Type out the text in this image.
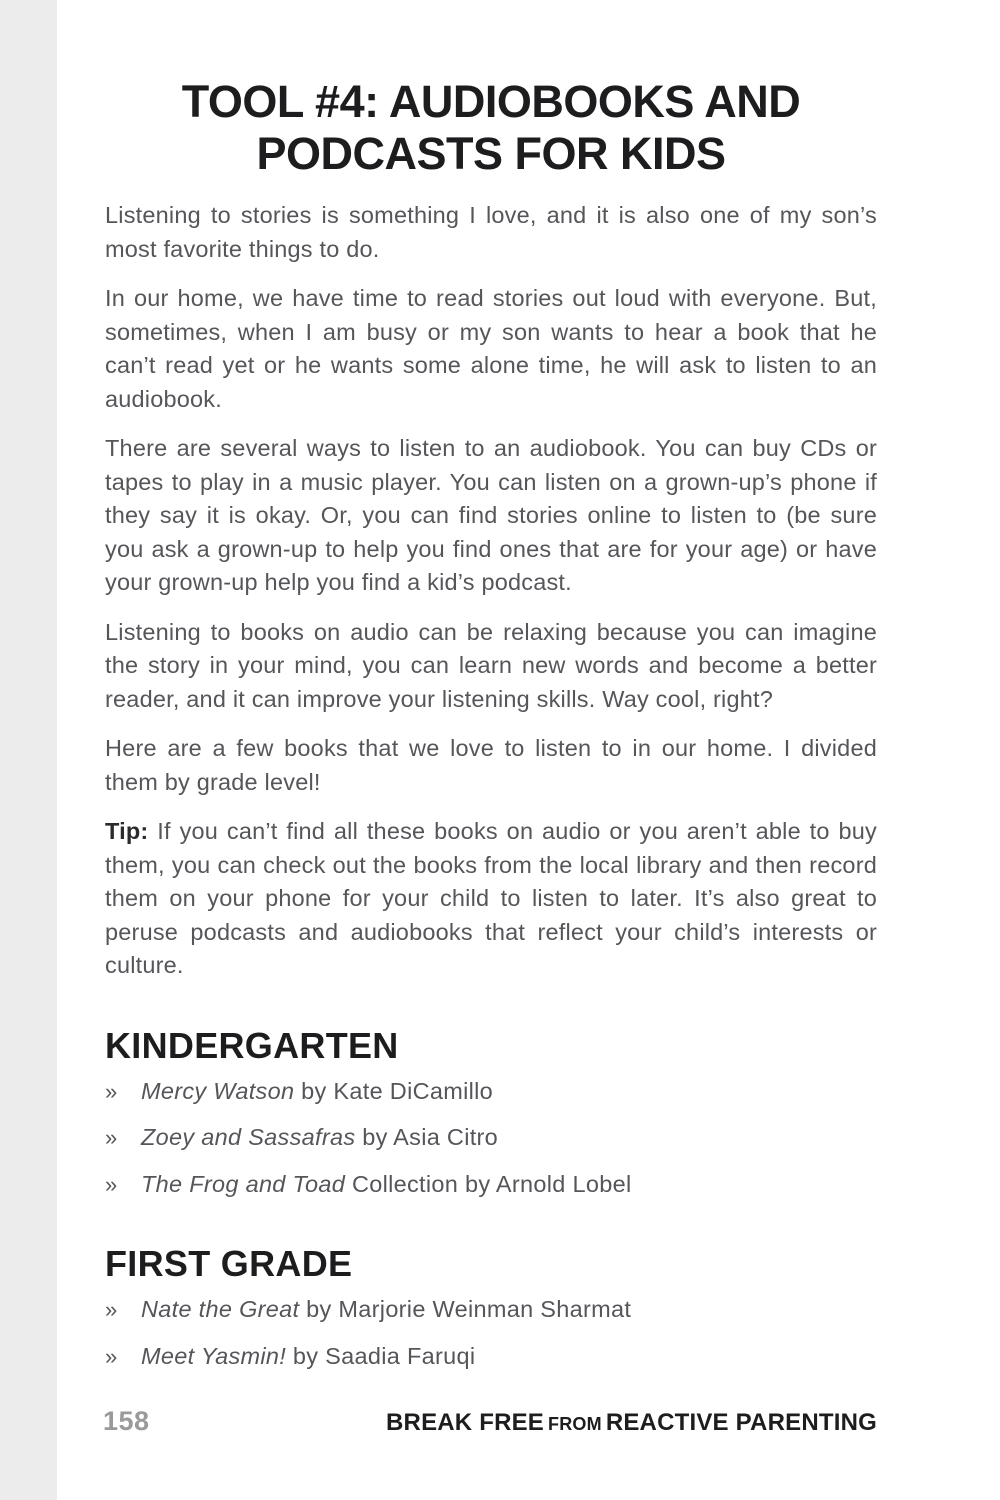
TOOL #4: AUDIOBOOKS AND PODCASTS FOR KIDS

Listening to stories is something I love, and it is also one of my son’s most favorite things to do.

In our home, we have time to read stories out loud with everyone. But, sometimes, when I am busy or my son wants to hear a book that he can’t read yet or he wants some alone time, he will ask to listen to an audiobook.

There are several ways to listen to an audiobook. You can buy CDs or tapes to play in a music player. You can listen on a grown-up’s phone if they say it is okay. Or, you can find stories online to listen to (be sure you ask a grown-up to help you find ones that are for your age) or have your grown-up help you find a kid’s podcast.

Listening to books on audio can be relaxing because you can imagine the story in your mind, you can learn new words and become a better reader, and it can improve your listening skills. Way cool, right?

Here are a few books that we love to listen to in our home. I divided them by grade level!

Tip: If you can’t find all these books on audio or you aren’t able to buy them, you can check out the books from the local library and then record them on your phone for your child to listen to later. It’s also great to peruse podcasts and audiobooks that reflect your child’s interests or culture.

KINDERGARTEN
» Mercy Watson by Kate DiCamillo
» Zoey and Sassafras by Asia Citro
» The Frog and Toad Collection by Arnold Lobel
FIRST GRADE
» Nate the Great by Marjorie Weinman Sharmat
» Meet Yasmin! by Saadia Faruqi
158	BREAK FREE FROM REACTIVE PARENTING
